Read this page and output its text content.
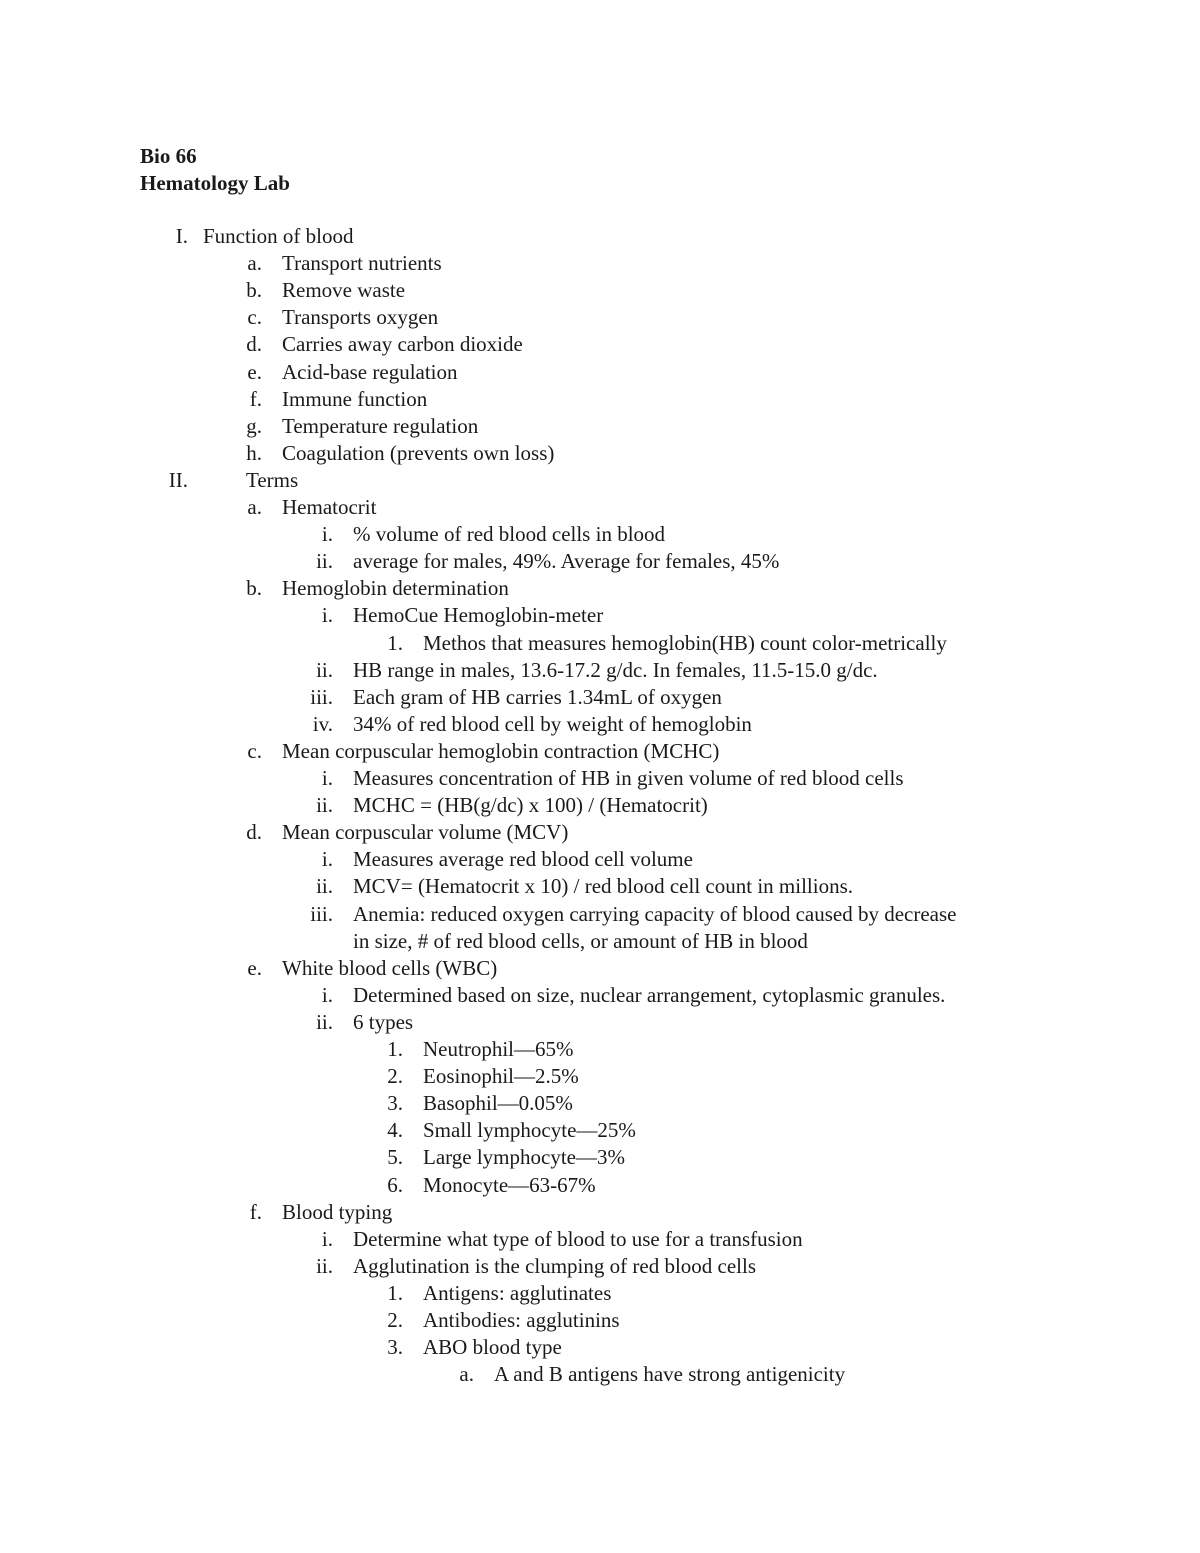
Bio 66
Hematology Lab
I. Function of blood
a. Transport nutrients
b. Remove waste
c. Transports oxygen
d. Carries away carbon dioxide
e. Acid-base regulation
f. Immune function
g. Temperature regulation
h. Coagulation (prevents own loss)
II.	Terms
a. Hematocrit
i. % volume of red blood cells in blood
ii. average for males, 49%. Average for females, 45%
b. Hemoglobin determination
i. HemoCue Hemoglobin-meter
1. Methos that measures hemoglobin(HB) count color-metrically
ii. HB range in males, 13.6-17.2 g/dc. In females, 11.5-15.0 g/dc.
iii. Each gram of HB carries 1.34mL of oxygen
iv. 34% of red blood cell by weight of hemoglobin
c. Mean corpuscular hemoglobin contraction (MCHC)
i. Measures concentration of HB in given volume of red blood cells
ii. MCHC = (HB(g/dc) x 100) / (Hematocrit)
d. Mean corpuscular volume (MCV)
i. Measures average red blood cell volume
ii. MCV= (Hematocrit x 10) / red blood cell count in millions.
iii. Anemia: reduced oxygen carrying capacity of blood caused by decrease
in size, # of red blood cells, or amount of HB in blood
e. White blood cells (WBC)
i. Determined based on size, nuclear arrangement, cytoplasmic granules.
ii. 6 types
1. Neutrophil—65%
2. Eosinophil—2.5%
3. Basophil—0.05%
4. Small lymphocyte—25%
5. Large lymphocyte—3%
6. Monocyte—63-67%
f. Blood typing
i. Determine what type of blood to use for a transfusion
ii. Agglutination is the clumping of red blood cells
1. Antigens: agglutinates
2. Antibodies: agglutinins
3. ABO blood type
a. A and B antigens have strong antigenicity
